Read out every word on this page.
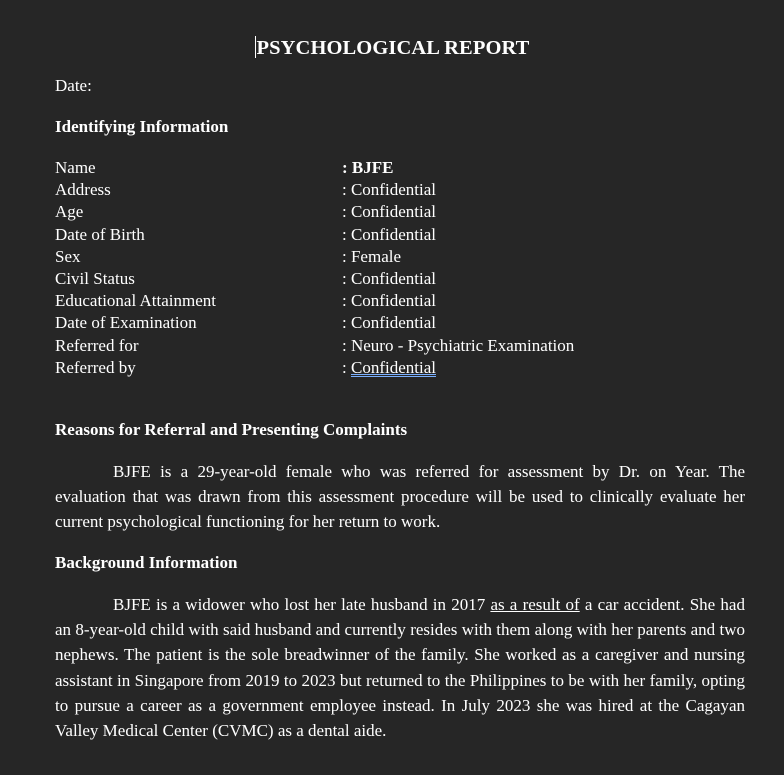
PSYCHOLOGICAL REPORT
Date:
Identifying Information
Name	: BJFE
Address	: Confidential
Age	: Confidential
Date of Birth	: Confidential
Sex	: Female
Civil Status	: Confidential
Educational Attainment	: Confidential
Date of Examination	: Confidential
Referred for	: Neuro - Psychiatric Examination
Referred by	: Confidential
Reasons for Referral and Presenting Complaints
BJFE is a 29-year-old female who was referred for assessment by Dr. on Year. The evaluation that was drawn from this assessment procedure will be used to clinically evaluate her current psychological functioning for her return to work.
Background Information
BJFE is a widower who lost her late husband in 2017 as a result of a car accident. She had an 8-year-old child with said husband and currently resides with them along with her parents and two nephews. The patient is the sole breadwinner of the family. She worked as a caregiver and nursing assistant in Singapore from 2019 to 2023 but returned to the Philippines to be with her family, opting to pursue a career as a government employee instead. In July 2023 she was hired at the Cagayan Valley Medical Center (CVMC) as a dental aide.
